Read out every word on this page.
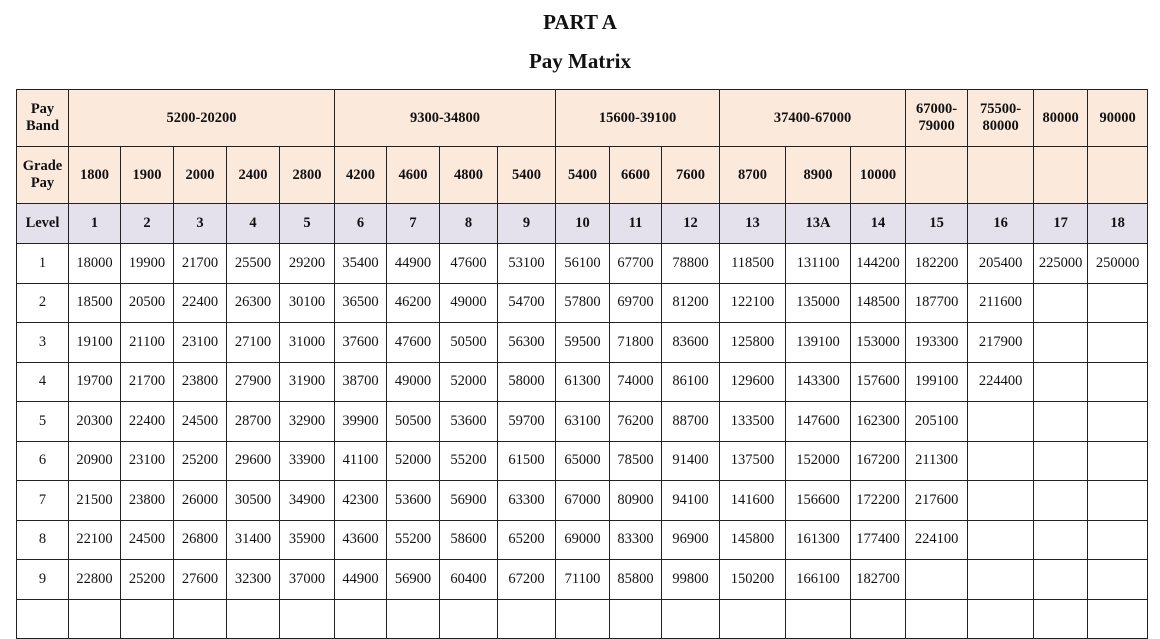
PART A
Pay Matrix
Pay Band	5200-20200					9300-34800				15600-39100			37400-67000			67000-79000	75500-80000	80000	90000
Grade Pay	1800	1900	2000	2400	2800	4200	4600	4800	5400	5400	6600	7600	8700	8900	10000				
Level	1	2	3	4	5	6	7	8	9	10	11	12	13	13A	14	15	16	17	18
1	18000	19900	21700	25500	29200	35400	44900	47600	53100	56100	67700	78800	118500	131100	144200	182200	205400	225000	250000
2	18500	20500	22400	26300	30100	36500	46200	49000	54700	57800	69700	81200	122100	135000	148500	187700	211600		
3	19100	21100	23100	27100	31000	37600	47600	50500	56300	59500	71800	83600	125800	139100	153000	193300	217900		
4	19700	21700	23800	27900	31900	38700	49000	52000	58000	61300	74000	86100	129600	143300	157600	199100	224400		
5	20300	22400	24500	28700	32900	39900	50500	53600	59700	63100	76200	88700	133500	147600	162300	205100			
6	20900	23100	25200	29600	33900	41100	52000	55200	61500	65000	78500	91400	137500	152000	167200	211300			
7	21500	23800	26000	30500	34900	42300	53600	56900	63300	67000	80900	94100	141600	156600	172200	217600			
8	22100	24500	26800	31400	35900	43600	55200	58600	65200	69000	83300	96900	145800	161300	177400	224100			
9	22800	25200	27600	32300	37000	44900	56900	60400	67200	71100	85800	99800	150200	166100	182700				
